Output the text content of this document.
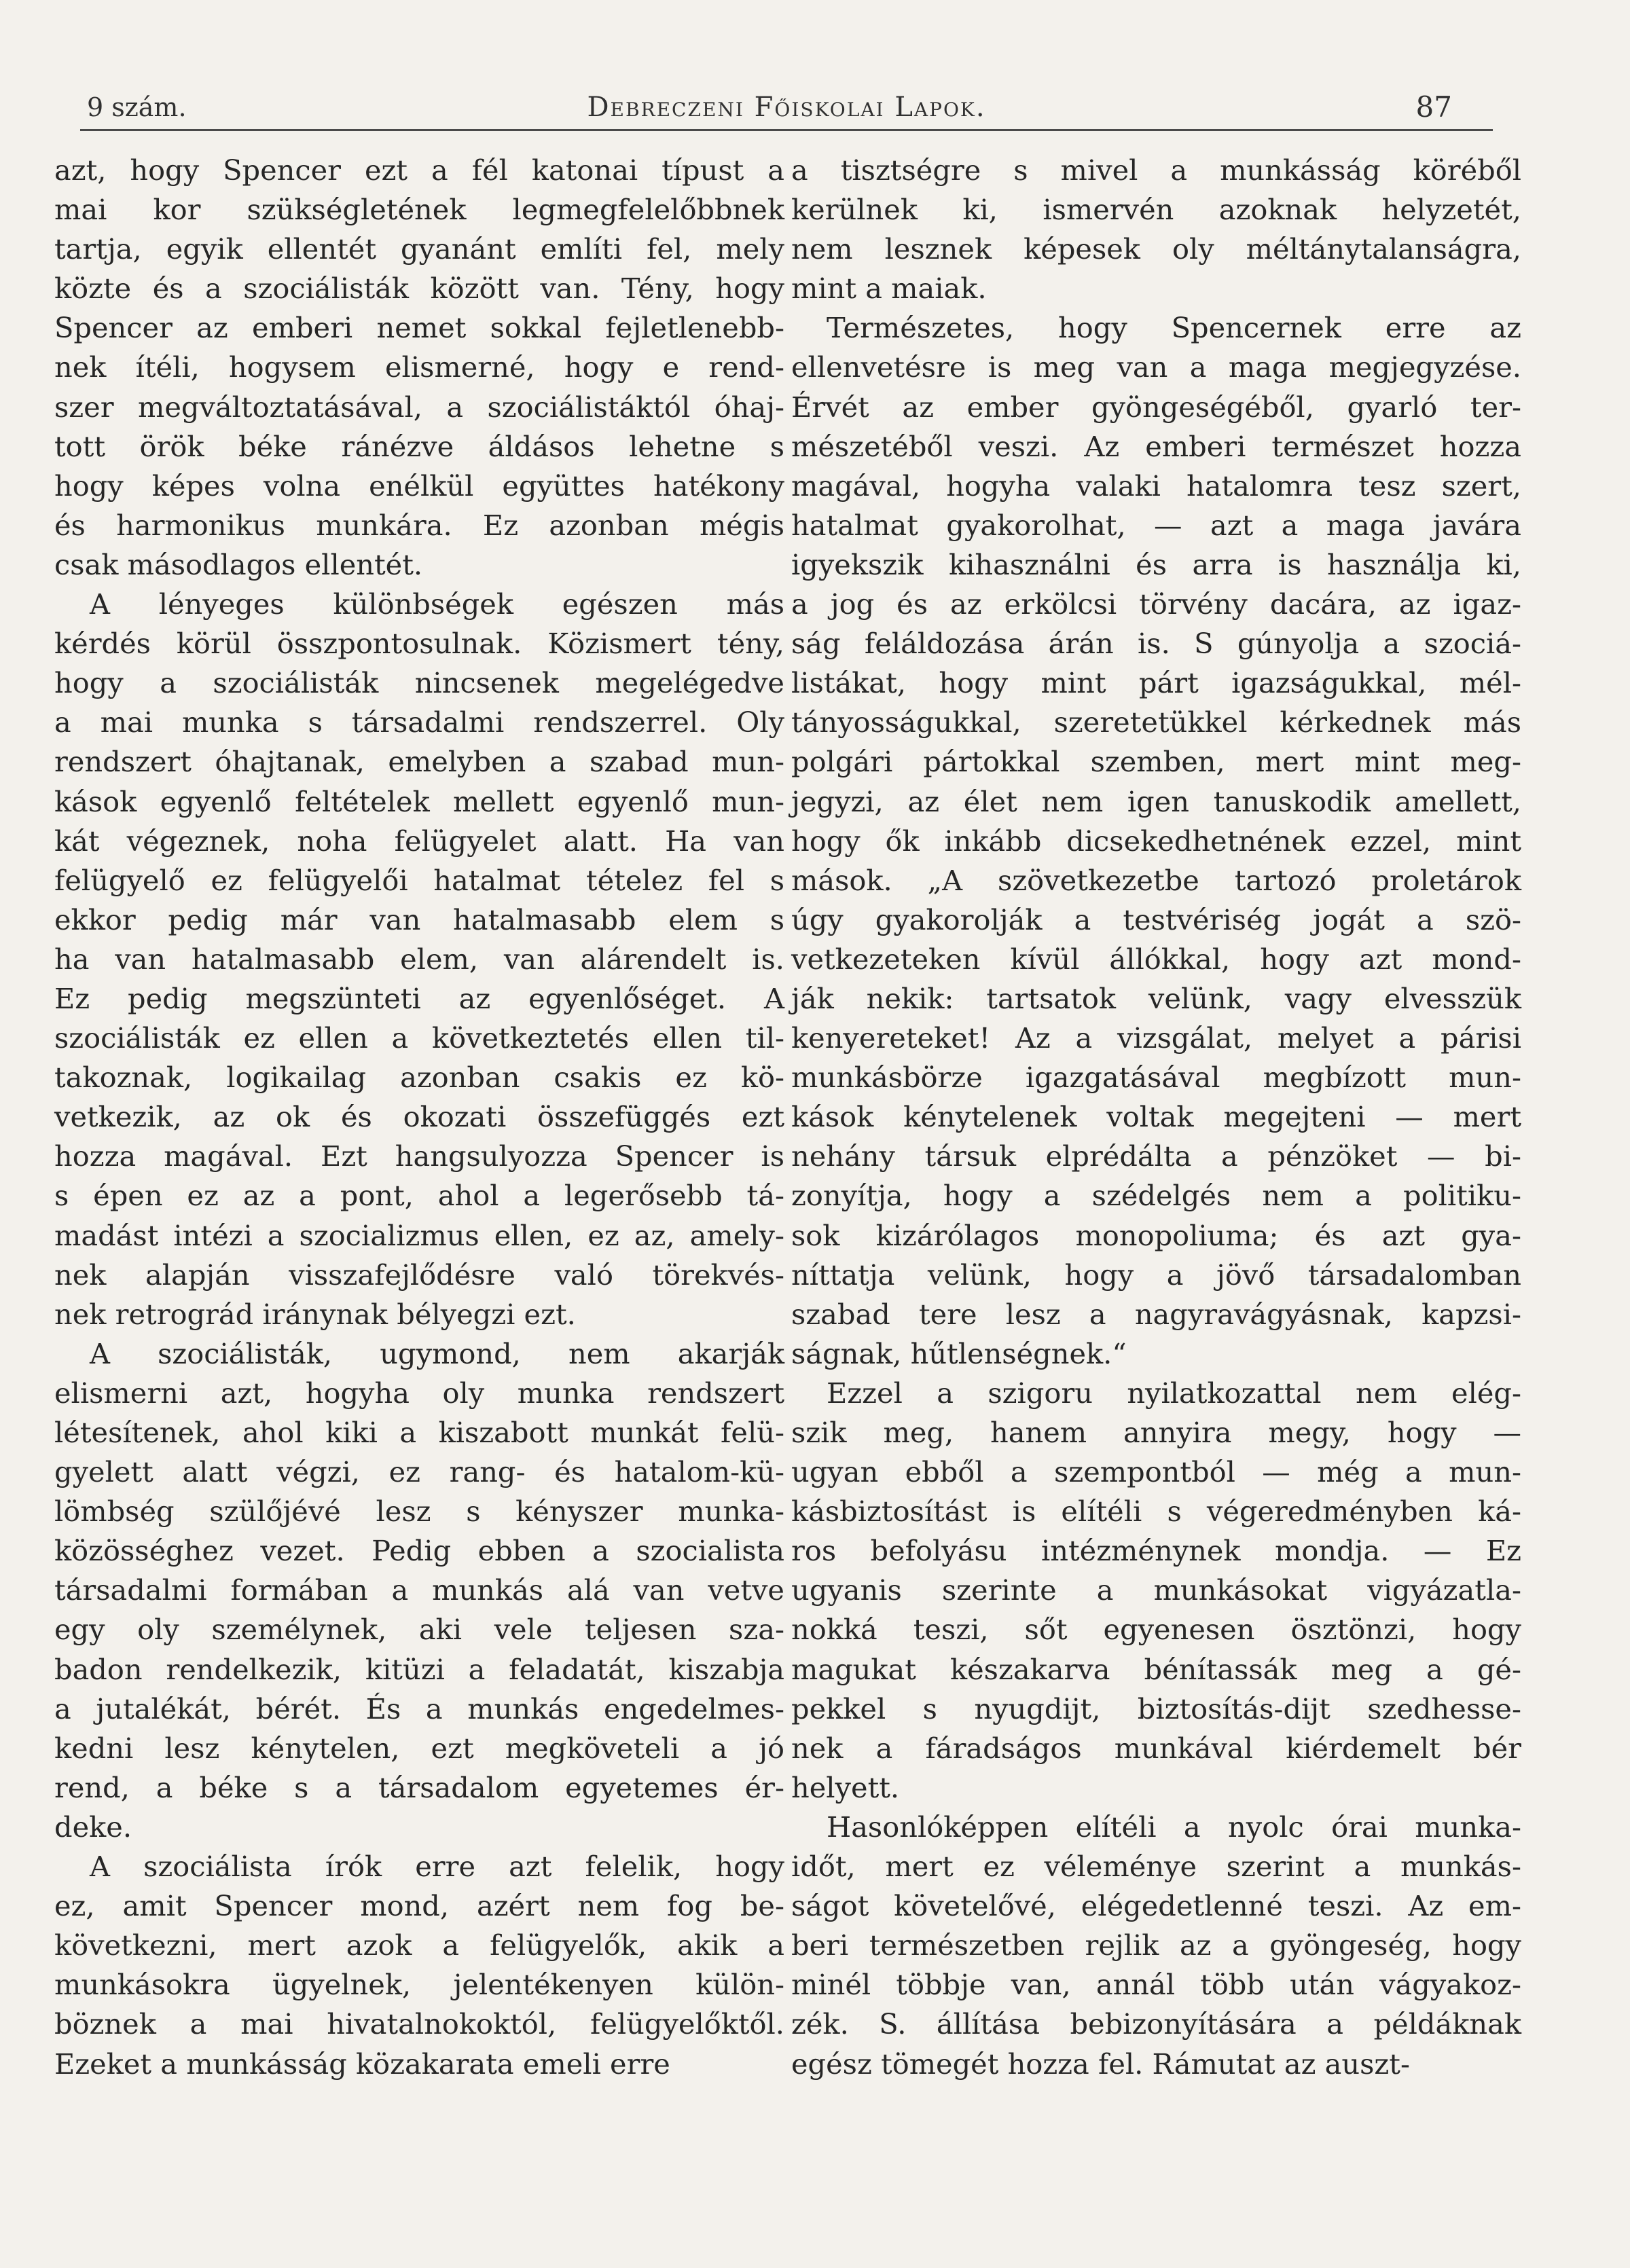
9 szám.	Debreczeni Főiskolai Lapok.	87
azt, hogy Spencer ezt a fél katonai típust a
mai kor szükségletének legmegfelelőbbnek
tartja, egyik ellentét gyanánt említi fel, mely
közte és a szociálisták között van. Tény, hogy
Spencer az emberi nemet sokkal fejletlenebb-
nek ítéli, hogysem elismerné, hogy e rend-
szer megváltoztatásával, a szociálistáktól óhaj-
tott örök béke ránézve áldásos lehetne s
hogy képes volna enélkül együttes hatékony
és harmonikus munkára. Ez azonban mégis
csak másodlagos ellentét.
A lényeges különbségek egészen más
kérdés körül összpontosulnak. Közismert tény,
hogy a szociálisták nincsenek megelégedve
a mai munka s társadalmi rendszerrel. Oly
rendszert óhajtanak, emelyben a szabad mun-
kások egyenlő feltételek mellett egyenlő mun-
kát végeznek, noha felügyelet alatt. Ha van
felügyelő ez felügyelői hatalmat tételez fel s
ekkor pedig már van hatalmasabb elem s
ha van hatalmasabb elem, van alárendelt is.
Ez pedig megszünteti az egyenlőséget. A
szociálisták ez ellen a következtetés ellen til-
takoznak, logikailag azonban csakis ez kö-
vetkezik, az ok és okozati összefüggés ezt
hozza magával. Ezt hangsulyozza Spencer is
s épen ez az a pont, ahol a legerősebb tá-
madást intézi a szocializmus ellen, ez az, amely-
nek alapján visszafejlődésre való törekvés-
nek retrográd iránynak bélyegzi ezt.
A szociálisták, ugymond, nem akarják
elismerni azt, hogyha oly munka rendszert
létesítenek, ahol kiki a kiszabott munkát felü-
gyelett alatt végzi, ez rang- és hatalom-kü-
lömbség szülőjévé lesz s kényszer munka-
közösséghez vezet. Pedig ebben a szocialista
társadalmi formában a munkás alá van vetve
egy oly személynek, aki vele teljesen sza-
badon rendelkezik, kitüzi a feladatát, kiszabja
a jutalékát, bérét. És a munkás engedelmes-
kedni lesz kénytelen, ezt megköveteli a jó
rend, a béke s a társadalom egyetemes ér-
deke.
A szociálista írók erre azt felelik, hogy
ez, amit Spencer mond, azért nem fog be-
következni, mert azok a felügyelők, akik a
munkásokra ügyelnek, jelentékenyen külön-
böznek a mai hivatalnokoktól, felügyelőktől.
Ezeket a munkásság közakarata emeli erre
a tisztségre s mivel a munkásság köréből
kerülnek ki, ismervén azoknak helyzetét,
nem lesznek képesek oly méltánytalanságra,
mint a maiak.
Természetes, hogy Spencernek erre az
ellenvetésre is meg van a maga megjegyzése.
Érvét az ember gyöngeségéből, gyarló ter-
mészetéből veszi. Az emberi természet hozza
magával, hogyha valaki hatalomra tesz szert,
hatalmat gyakorolhat, — azt a maga javára
igyekszik kihasználni és arra is használja ki,
a jog és az erkölcsi törvény dacára, az igaz-
ság feláldozása árán is. S gúnyolja a szociá-
listákat, hogy mint párt igazságukkal, mél-
tányosságukkal, szeretetükkel kérkednek más
polgári pártokkal szemben, mert mint meg-
jegyzi, az élet nem igen tanuskodik amellett,
hogy ők inkább dicsekedhetnének ezzel, mint
mások. „A szövetkezetbe tartozó proletárok
úgy gyakorolják a testvériség jogát a szö-
vetkezeteken kívül állókkal, hogy azt mond-
ják nekik: tartsatok velünk, vagy elvesszük
kenyereteket! Az a vizsgálat, melyet a párisi
munkásbörze igazgatásával megbízott mun-
kások kénytelenek voltak megejteni — mert
nehány társuk elprédálta a pénzöket — bi-
zonyítja, hogy a szédelgés nem a politiku-
sok kizárólagos monopoliuma; és azt gya-
níttatja velünk, hogy a jövő társadalomban
szabad tere lesz a nagyravágyásnak, kapzsi-
ságnak, hűtlenségnek.“
Ezzel a szigoru nyilatkozattal nem elég-
szik meg, hanem annyira megy, hogy —
ugyan ebből a szempontból — még a mun-
kásbiztosítást is elítéli s végeredményben ká-
ros befolyásu intézménynek mondja. — Ez
ugyanis szerinte a munkásokat vigyázatla-
nokká teszi, sőt egyenesen ösztönzi, hogy
magukat készakarva bénítassák meg a gé-
pekkel s nyugdijt, biztosítás-dijt szedhesse-
nek a fáradságos munkával kiérdemelt bér
helyett.
Hasonlóképpen elítéli a nyolc órai munka-
időt, mert ez véleménye szerint a munkás-
ságot követelővé, elégedetlenné teszi. Az em-
beri természetben rejlik az a gyöngeség, hogy
minél többje van, annál több után vágyakoz-
zék. S. állítása bebizonyítására a példáknak
egész tömegét hozza fel. Rámutat az auszt-
